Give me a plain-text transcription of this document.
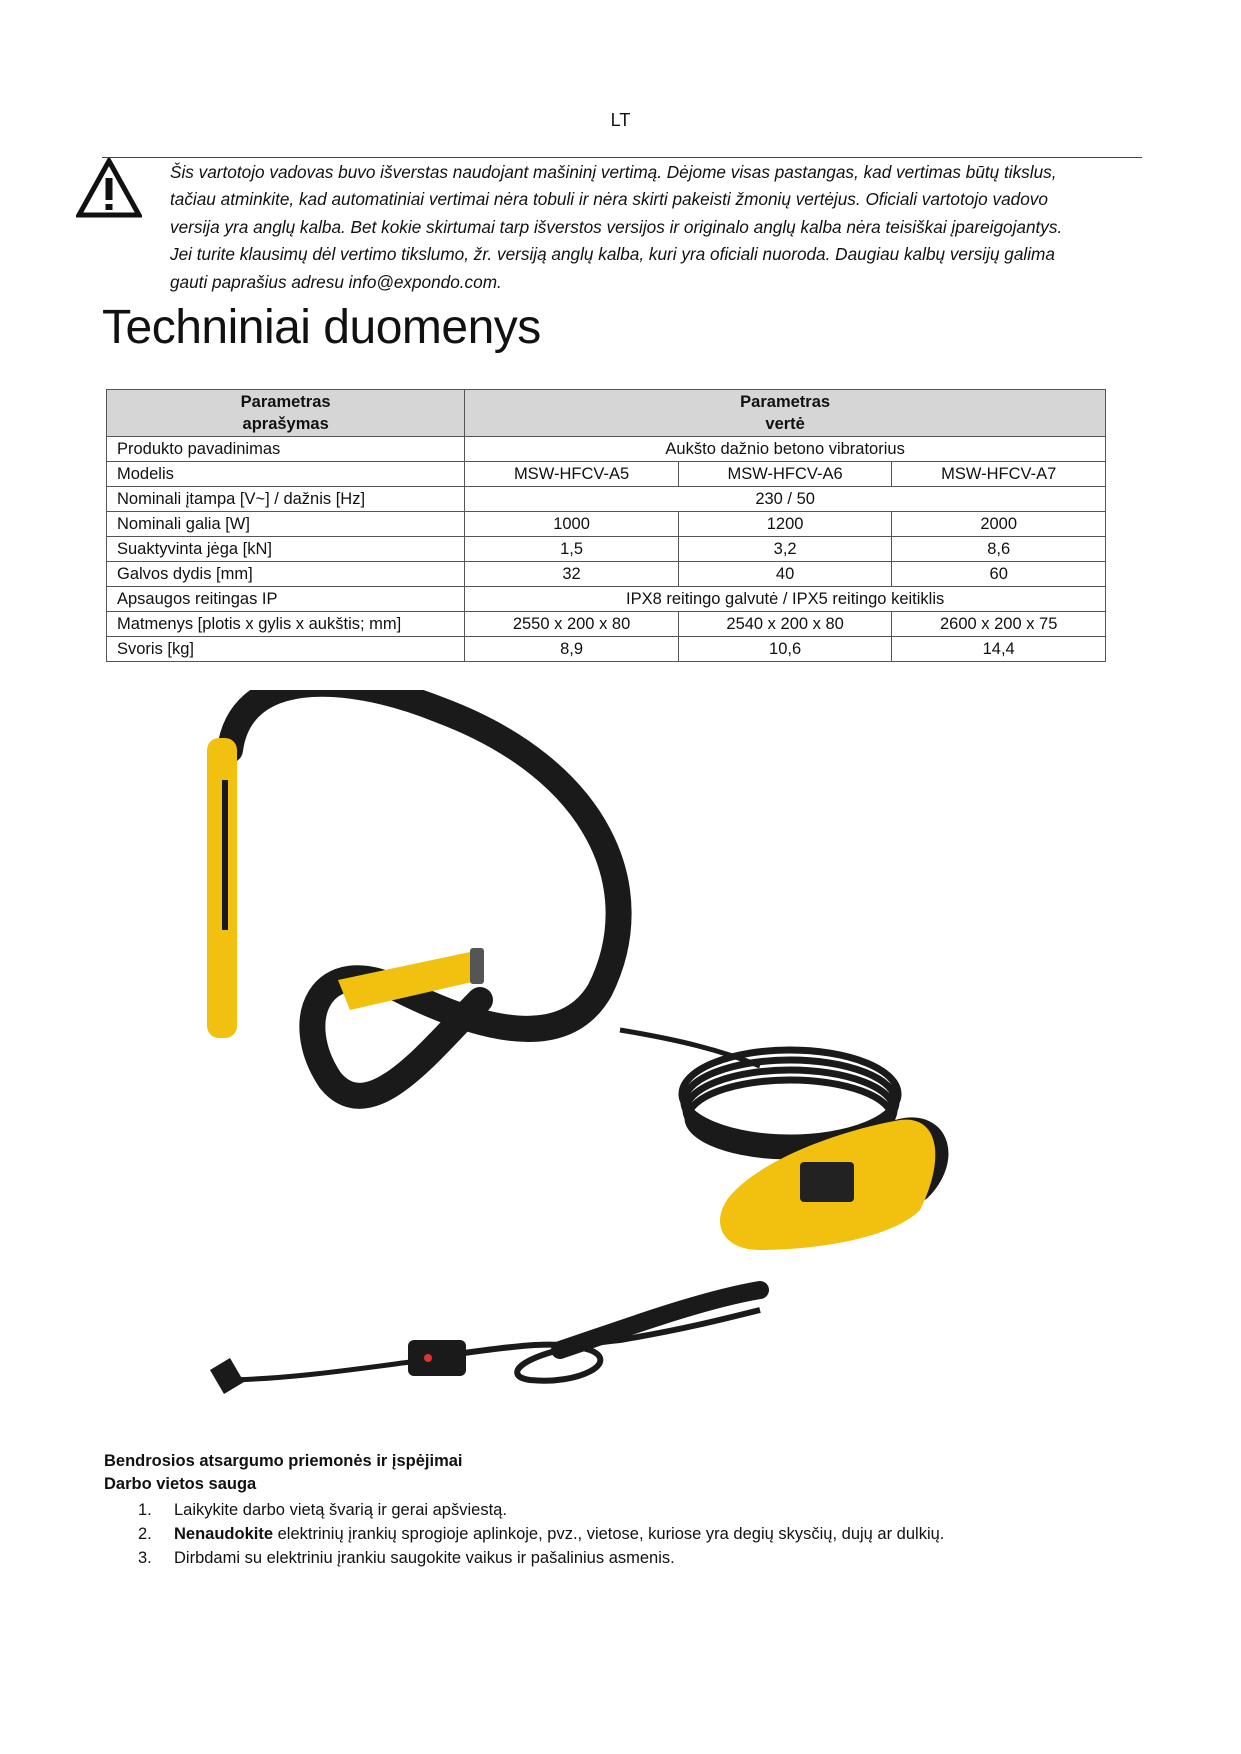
LT
Šis vartotojo vadovas buvo išverstas naudojant mašininį vertimą. Dėjome visas pastangas, kad vertimas būtų tikslus,
tačiau atminkite, kad automatiniai vertimai nėra tobuli ir nėra skirti pakeisti žmonių vertėjus. Oficiali vartotojo vadovo
versija yra anglų kalba. Bet kokie skirtumai tarp išverstos versijos ir originalo anglų kalba nėra teisiškai įpareigojantys.
Jei turite klausimų dėl vertimo tikslumo, žr. versiją anglų kalba, kuri yra oficiali nuoroda. Daugiau kalbų versijų galima
gauti paprašius adresu info@expondo.com.
Techniniai duomenys
Parametras
aprašymas	Parametras
vertė		
Produkto pavadinimas	Aukšto dažnio betono vibratorius		
Modelis	MSW-HFCV-A5	MSW-HFCV-A6	MSW-HFCV-A7
Nominali įtampa [V~] / dažnis [Hz]	230 / 50		
Nominali galia [W]	1000	1200	2000
Suaktyvinta jėga [kN]	1,5	3,2	8,6
Galvos dydis [mm]	32	40	60
Apsaugos reitingas IP	IPX8 reitingo galvutė / IPX5 reitingo keitiklis		
Matmenys [plotis x gylis x aukštis; mm]	2550 x 200 x 80	2540 x 200 x 80	2600 x 200 x 75
Svoris [kg]	8,9	10,6	14,4
Bendrosios atsargumo priemonės ir įspėjimai
Darbo vietos sauga
1. Laikykite darbo vietą švarią ir gerai apšviestą.
2. Nenaudokite elektrinių įrankių sprogioje aplinkoje, pvz., vietose, kuriose yra degių skysčių, dujų ar dulkių.
3. Dirbdami su elektriniu įrankiu saugokite vaikus ir pašalinius asmenis.
